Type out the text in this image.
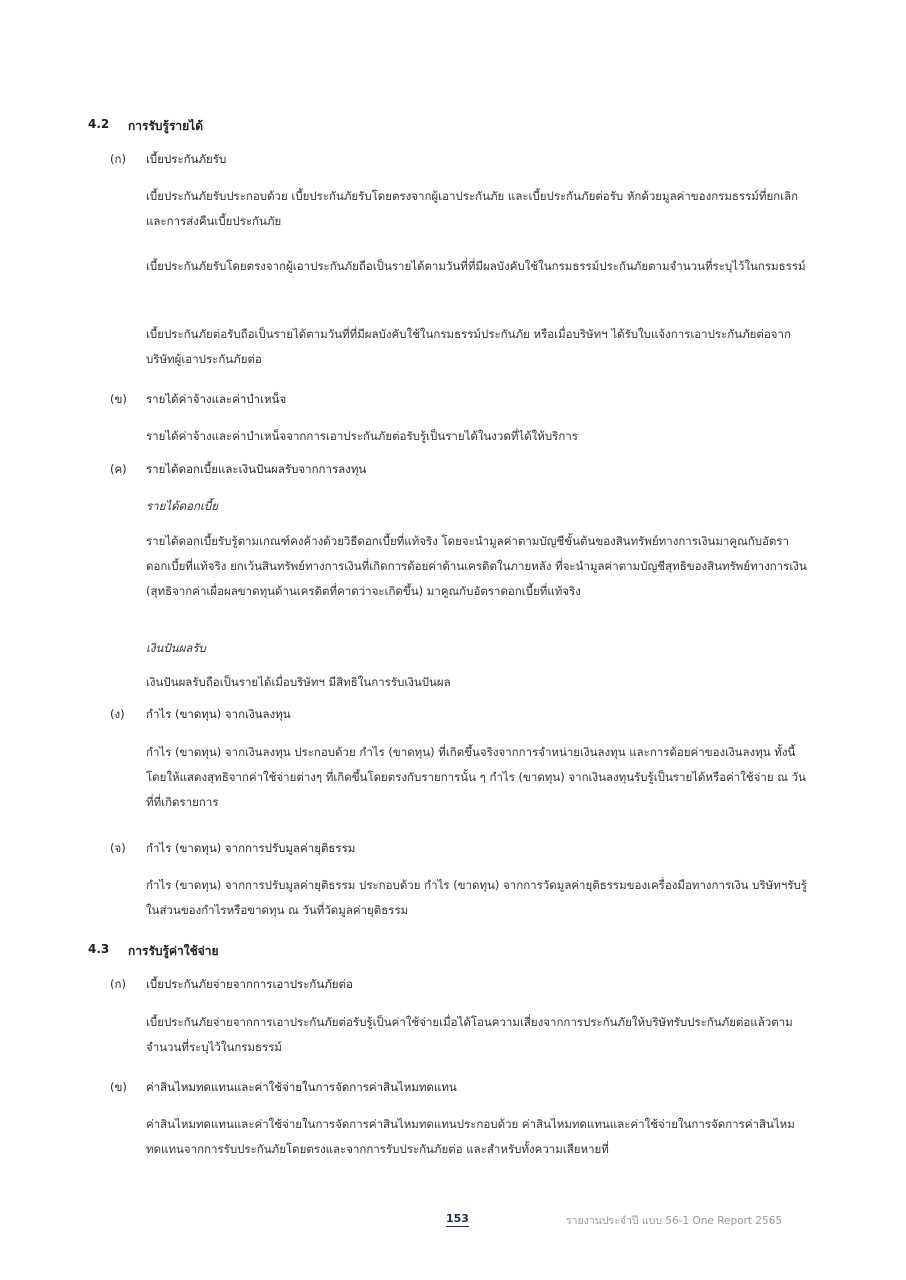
4.2 การรับรู้รายได้
(ก)	เบี้ยประกันภัยรับ
เบี้ยประกันภัยรับประกอบด้วย เบี้ยประกันภัยรับโดยตรงจากผู้เอาประกันภัย และเบี้ยประกันภัยต่อรับ หักด้วยมูลค่าของกรมธรรม์ที่ยกเลิกและการส่งคืนเบี้ยประกันภัย
เบี้ยประกันภัยรับโดยตรงจากผู้เอาประกันภัยถือเป็นรายได้ตามวันที่ที่มีผลบังคับใช้ในกรมธรรม์ประกันภัยตามจำนวนที่ระบุไว้ในกรมธรรม์
เบี้ยประกันภัยต่อรับถือเป็นรายได้ตามวันที่ที่มีผลบังคับใช้ในกรมธรรม์ประกันภัย หรือเมื่อบริษัทฯ ได้รับใบแจ้งการเอาประกันภัยต่อจากบริษัทผู้เอาประกันภัยต่อ
(ข)	รายได้ค่าจ้างและค่าบำเหน็จ
รายได้ค่าจ้างและค่าบำเหน็จจากการเอาประกันภัยต่อรับรู้เป็นรายได้ในงวดที่ได้ให้บริการ
(ค)	รายได้ดอกเบี้ยและเงินปันผลรับจากการลงทุน
รายได้ดอกเบี้ย
รายได้ดอกเบี้ยรับรู้ตามเกณฑ์คงค้างด้วยวิธีดอกเบี้ยที่แท้จริง โดยจะนำมูลค่าตามบัญชีขั้นต้นของสินทรัพย์ทางการเงินมาคูณกับอัตราดอกเบี้ยที่แท้จริง ยกเว้นสินทรัพย์ทางการเงินที่เกิดการด้อยค่าด้านเครดิตในภายหลัง ที่จะนำมูลค่าตามบัญชีสุทธิของสินทรัพย์ทางการเงิน (สุทธิจากค่าเผื่อผลขาดทุนด้านเครดิตที่คาดว่าจะเกิดขึ้น) มาคูณกับอัตราดอกเบี้ยที่แท้จริง
เงินปันผลรับ
เงินปันผลรับถือเป็นรายได้เมื่อบริษัทฯ มีสิทธิในการรับเงินปันผล
(ง)	กำไร (ขาดทุน) จากเงินลงทุน
กำไร (ขาดทุน) จากเงินลงทุน ประกอบด้วย กำไร (ขาดทุน) ที่เกิดขึ้นจริงจากการจำหน่ายเงินลงทุน และการด้อยค่าของเงินลงทุน ทั้งนี้ โดยให้แสดงสุทธิจากค่าใช้จ่ายต่างๆ ที่เกิดขึ้นโดยตรงกับรายการนั้น ๆ กำไร (ขาดทุน) จากเงินลงทุนรับรู้เป็นรายได้หรือค่าใช้จ่าย ณ วันที่ที่เกิดรายการ
(จ)	กำไร (ขาดทุน) จากการปรับมูลค่ายุติธรรม
กำไร (ขาดทุน) จากการปรับมูลค่ายุติธรรม ประกอบด้วย กำไร (ขาดทุน) จากการวัดมูลค่ายุติธรรมของเครื่องมือทางการเงิน บริษัทฯรับรู้ในส่วนของกำไรหรือขาดทุน ณ วันที่วัดมูลค่ายุติธรรม
4.3 การรับรู้ค่าใช้จ่าย
(ก)	เบี้ยประกันภัยจ่ายจากการเอาประกันภัยต่อ
เบี้ยประกันภัยจ่ายจากการเอาประกันภัยต่อรับรู้เป็นค่าใช้จ่ายเมื่อได้โอนความเสี่ยงจากการประกันภัยให้บริษัทรับประกันภัยต่อแล้วตามจำนวนที่ระบุไว้ในกรมธรรม์
(ข)	ค่าสินไหมทดแทนและค่าใช้จ่ายในการจัดการค่าสินไหมทดแทน
ค่าสินไหมทดแทนและค่าใช้จ่ายในการจัดการค่าสินไหมทดแทนประกอบด้วย ค่าสินไหมทดแทนและค่าใช้จ่ายในการจัดการค่าสินไหมทดแทนจากการรับประกันภัยโดยตรงและจากการรับประกันภัยต่อ และสำหรับทั้งความเสียหายที่
153	รายงานประจำปี แบบ 56-1 One Report 2565
